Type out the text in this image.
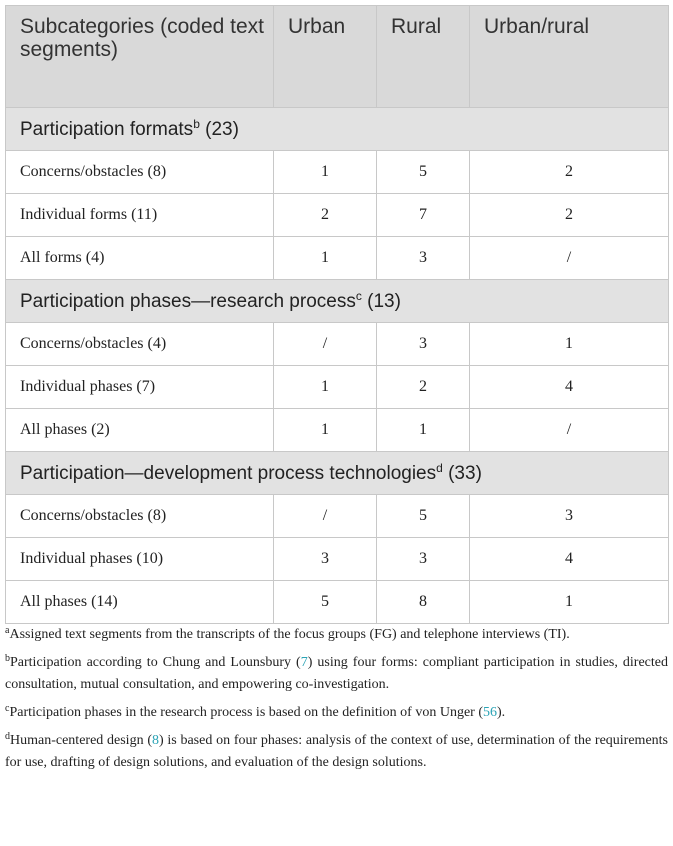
Subcategories (coded text segments)	Urban	Rural	Urban/rural
Participation formats$^b$ (23)			
Concerns/obstacles (8)	1	5	2
Individual forms (11)	2	7	2
All forms (4)	1	3	/
Participation phases—research process$^c$ (13)			
Concerns/obstacles (4)	/	3	1
Individual phases (7)	1	2	4
All phases (2)	1	1	/
Participation—development process technologies$^d$ (33)			
Concerns/obstacles (8)	/	5	3
Individual phases (10)	3	3	4
All phases (14)	5	8	1

$^a$Assigned text segments from the transcripts of the focus groups (FG) and telephone interviews (TI).

$^b$Participation according to Chung and Lounsbury (7) using four forms: compliant participation in studies, directed consultation, mutual consultation, and empowering co-investigation.

$^c$Participation phases in the research process is based on the definition of von Unger (56).

$^d$Human-centered design (8) is based on four phases: analysis of the context of use, determination of the requirements for use, drafting of design solutions, and evaluation of the design solutions.
